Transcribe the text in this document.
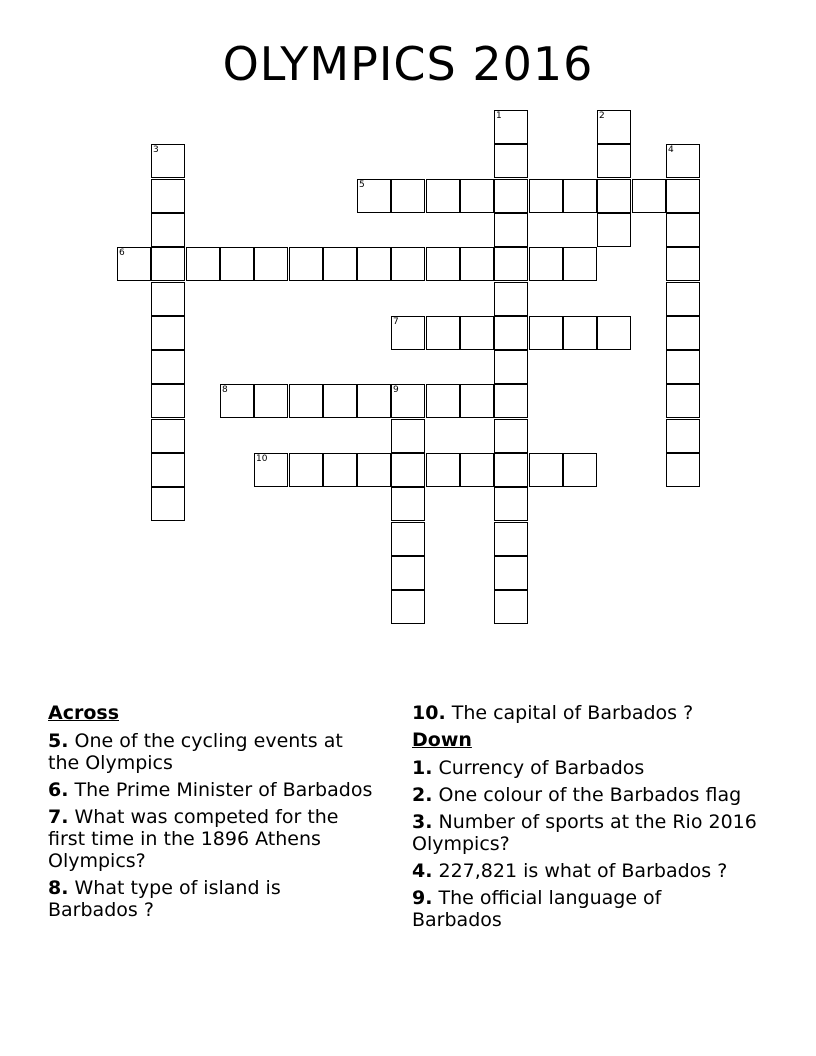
OLYMPICS 2016
1	2
3	4
5
6
7
8	9
10
Across
5. One of the cycling events at the Olympics
6. The Prime Minister of Barbados
7. What was competed for the first time in the 1896 Athens Olympics?
8. What type of island is Barbados ?
10. The capital of Barbados ?
Down
1. Currency of Barbados
2. One colour of the Barbados flag
3. Number of sports at the Rio 2016 Olympics?
4. 227,821 is what of Barbados ?
9. The official language of Barbados
